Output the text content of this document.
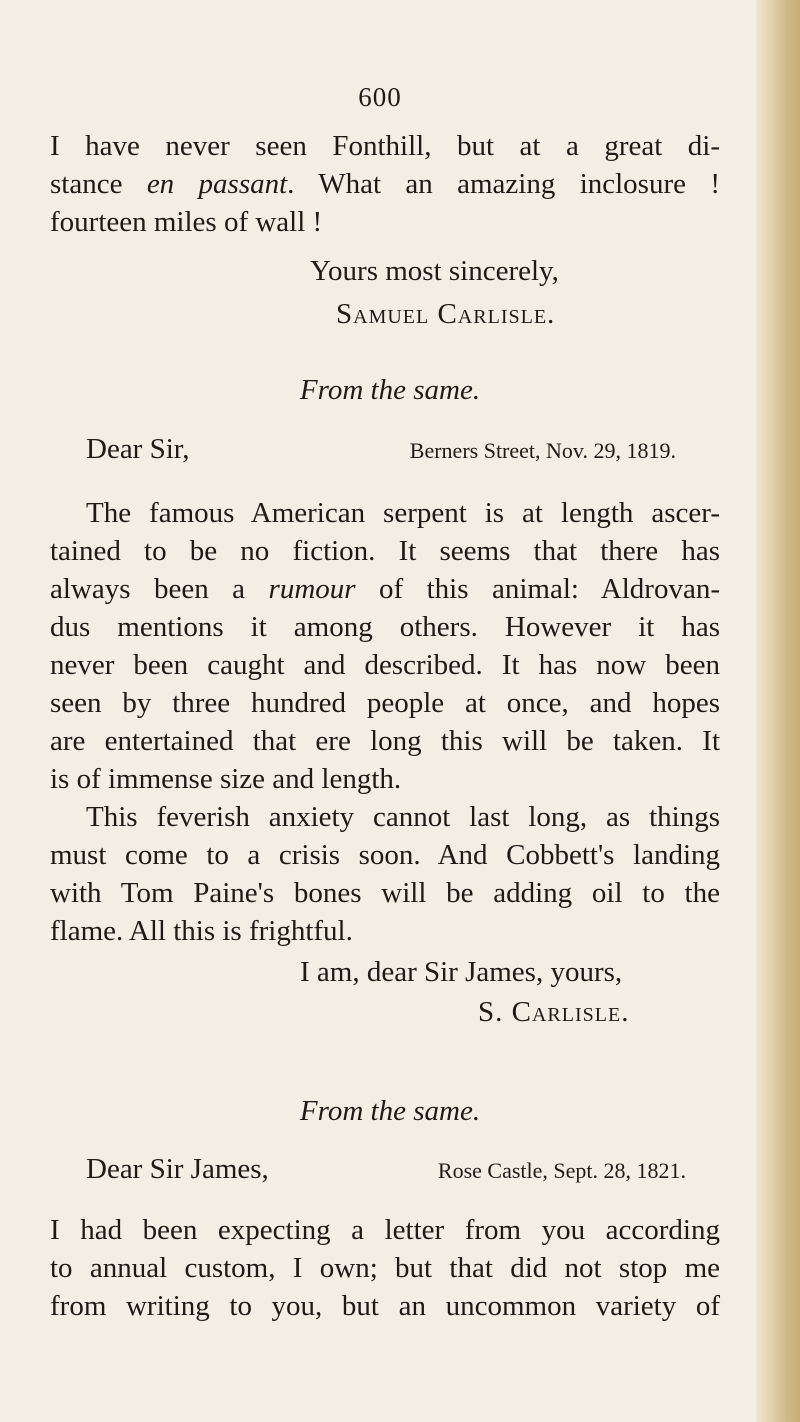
600
I have never seen Fonthill, but at a great di-
stance en passant. What an amazing inclosure !
fourteen miles of wall !
Yours most sincerely,
Samuel Carlisle.
From the same.
Dear Sir,	Berners Street, Nov. 29, 1819.
The famous American serpent is at length ascer-
tained to be no fiction. It seems that there has
always been a rumour of this animal: Aldrovan-
dus mentions it among others. However it has
never been caught and described. It has now been
seen by three hundred people at once, and hopes
are entertained that ere long this will be taken. It
is of immense size and length.
This feverish anxiety cannot last long, as things
must come to a crisis soon. And Cobbett's landing
with Tom Paine's bones will be adding oil to the
flame. All this is frightful.
I am, dear Sir James, yours,
S. Carlisle.
From the same.
Dear Sir James,	Rose Castle, Sept. 28, 1821.
I had been expecting a letter from you according
to annual custom, I own; but that did not stop me
from writing to you, but an uncommon variety of
